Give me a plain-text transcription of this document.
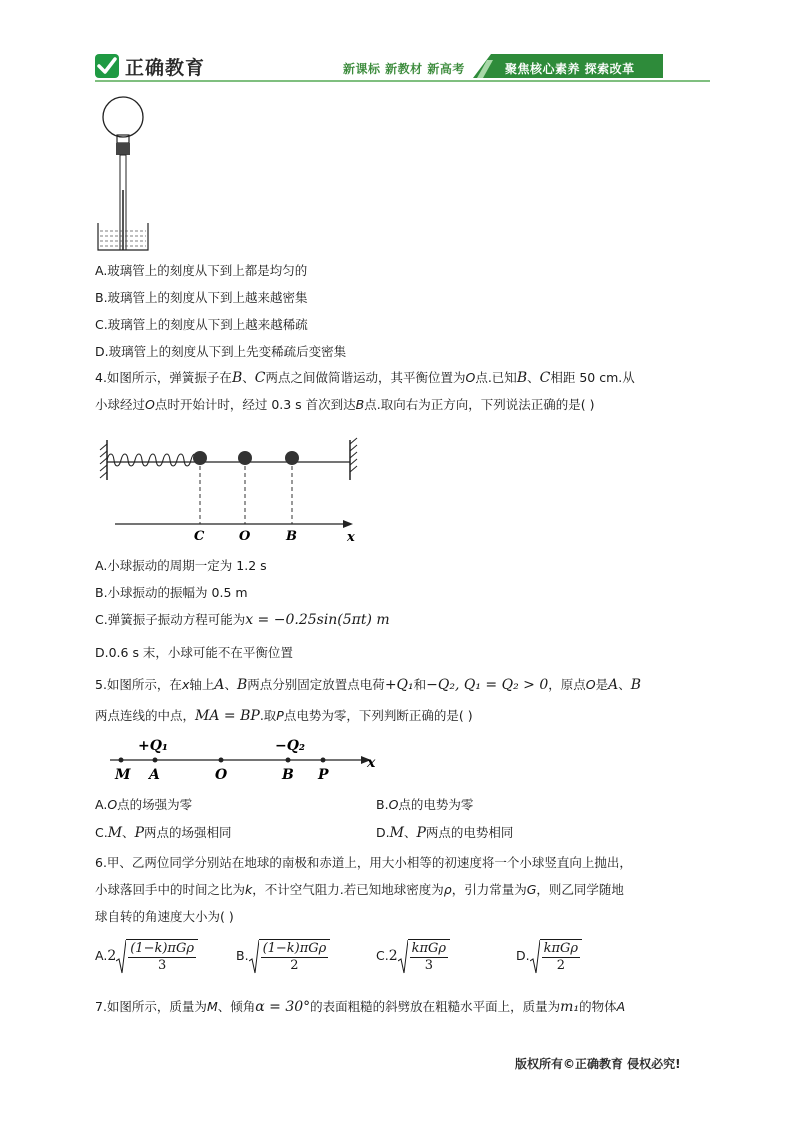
正确教育	新课标 新教材 新高考	聚焦核心素养 探索改革
A.玻璃管上的刻度从下到上都是均匀的
B.玻璃管上的刻度从下到上越来越密集
C.玻璃管上的刻度从下到上越来越稀疏
D.玻璃管上的刻度从下到上先变稀疏后变密集
4.如图所示，弹簧振子在B、C两点之间做简谐运动，其平衡位置为O点.已知B、C相距 50 cm.从
小球经过O点时开始计时，经过 0.3 s 首次到达B点.取向右为正方向，下列说法正确的是( )
C	O	B	x
A.小球振动的周期一定为 1.2 s
B.小球振动的振幅为 0.5 m
C.弹簧振子振动方程可能为x = −0.25sin(5πt) m
D.0.6 s 末，小球可能不在平衡位置
5.如图所示，在x轴上A、B两点分别固定放置点电荷+Q₁和−Q₂, Q₁ = Q₂ > 0，原点O是A、B
两点连线的中点，MA = BP.取P点电势为零，下列判断正确的是( )
+Q₁	−Q₂
M A	O	B P
x
A.O点的场强为零	B.O点的电势为零
C.M、P两点的场强相同	D.M、P两点的电势相同
6.甲、乙两位同学分别站在地球的南极和赤道上，用大小相等的初速度将一个小球竖直向上抛出，
小球落回手中的时间之比为k，不计空气阻力.若已知地球密度为ρ，引力常量为G，则乙同学随地
球自转的角速度大小为( )
$A.2 \frac{\text{(1−k)πGρ}}{3}$	B. $\frac{\text{(1−k)πGρ}}{2}$	$C.2 \frac{\text{kπGρ}}{3}$	D. $\frac{\text{kπGρ}}{2}$
7.如图所示，质量为M、倾角α = 30°的表面粗糙的斜劈放在粗糙水平面上，质量为m₁的物体A
版权所有©正确教育 侵权必究!
